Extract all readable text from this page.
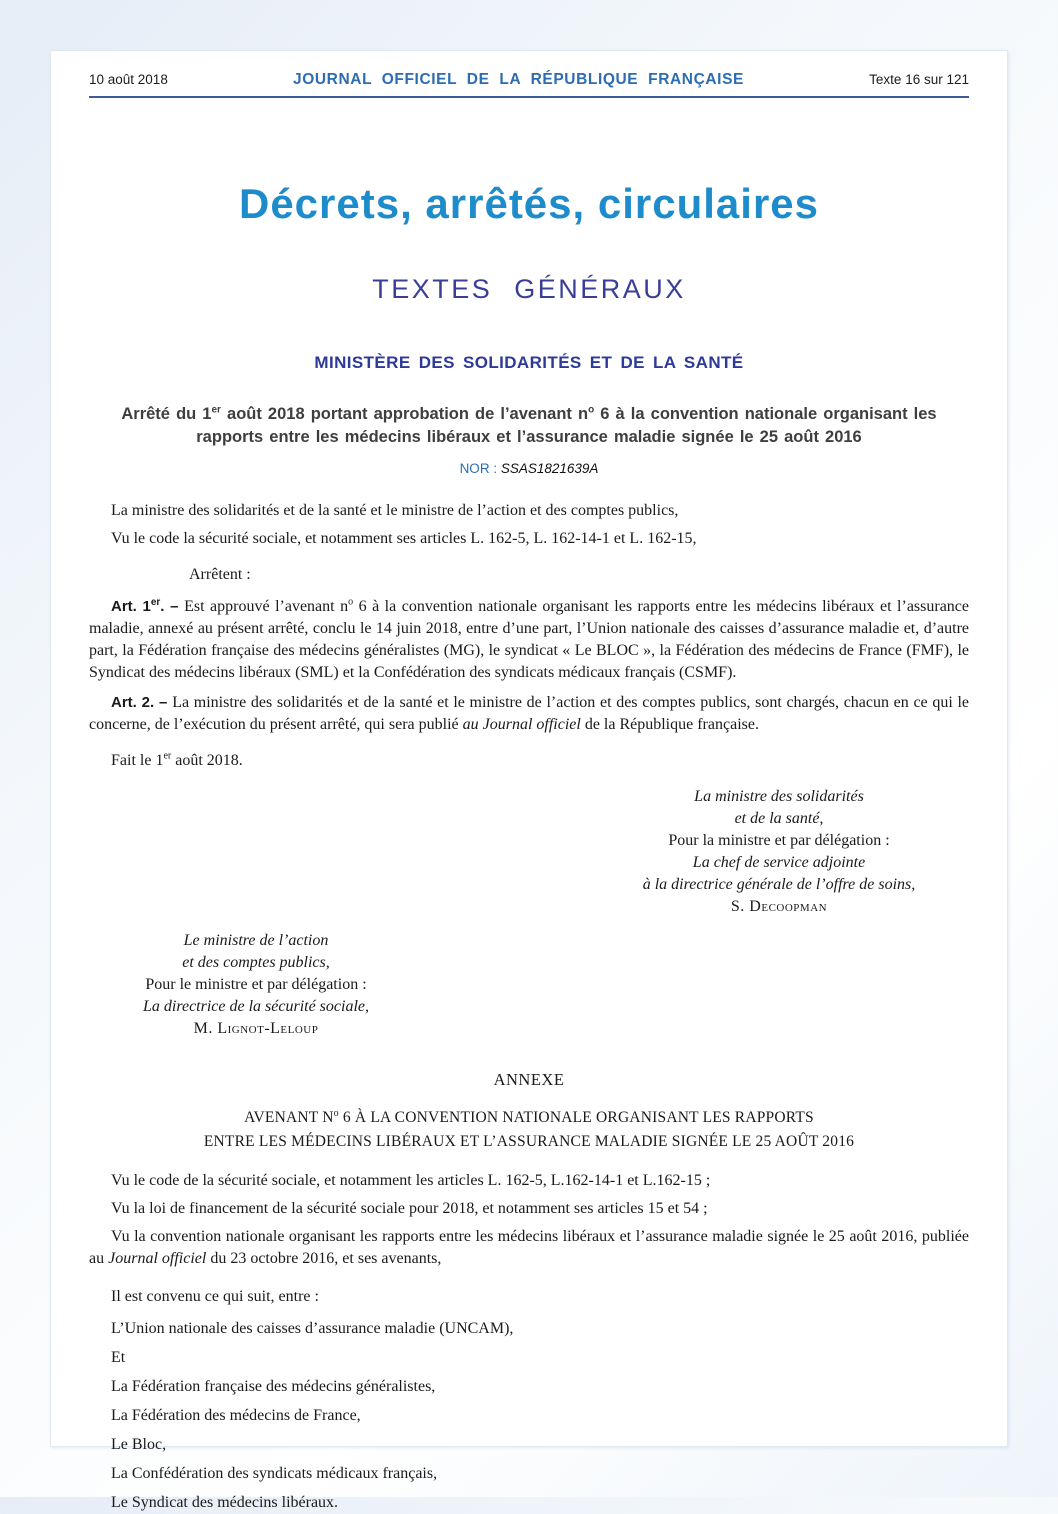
10 août 2018	JOURNAL OFFICIEL DE LA RÉPUBLIQUE FRANÇAISE	Texte 16 sur 121
Décrets, arrêtés, circulaires
TEXTES GÉNÉRAUX
MINISTÈRE DES SOLIDARITÉS ET DE LA SANTÉ
Arrêté du 1er août 2018 portant approbation de l’avenant $n^o$ 6 à la convention nationale organisant les rapports entre les médecins libéraux et l’assurance maladie signée le 25 août 2016
NOR : SSAS1821639A

La ministre des solidarités et de la santé et le ministre de l’action et des comptes publics,

Vu le code la sécurité sociale, et notamment ses articles L. 162-5, L. 162-14-1 et L. 162-15,

Arrêtent :

Art. 1er. – Est approuvé l’avenant $n^o$ 6 à la convention nationale organisant les rapports entre les médecins libéraux et l’assurance maladie, annexé au présent arrêté, conclu le 14 juin 2018, entre d’une part, l’Union nationale des caisses d’assurance maladie et, d’autre part, la Fédération française des médecins généralistes (MG), le syndicat « Le BLOC », la Fédération des médecins de France (FMF), le Syndicat des médecins libéraux (SML) et la Confédération des syndicats médicaux français (CSMF).

Art. 2. – La ministre des solidarités et de la santé et le ministre de l’action et des comptes publics, sont chargés, chacun en ce qui le concerne, de l’exécution du présent arrêté, qui sera publié au Journal officiel de la République française.

Fait le 1er août 2018.

La ministre des solidarités
et de la santé,
Pour la ministre et par délégation :
La chef de service adjointe
à la directrice générale de l’offre de soins,
S. Decoopman
Le ministre de l’action
et des comptes publics,
Pour le ministre et par délégation :
La directrice de la sécurité sociale,
M. Lignot-Leloup
ANNEXE
AVENANT $N^o$ 6 À LA CONVENTION NATIONALE ORGANISANT LES RAPPORTS
ENTRE LES MÉDECINS LIBÉRAUX ET L’ASSURANCE MALADIE SIGNÉE LE 25 AOÛT 2016

Vu le code de la sécurité sociale, et notamment les articles L. 162-5, L.162-14-1 et L.162-15 ;

Vu la loi de financement de la sécurité sociale pour 2018, et notamment ses articles 15 et 54 ;

Vu la convention nationale organisant les rapports entre les médecins libéraux et l’assurance maladie signée le 25 août 2016, publiée au Journal officiel du 23 octobre 2016, et ses avenants,

Il est convenu ce qui suit, entre :

L’Union nationale des caisses d’assurance maladie (UNCAM),

Et

La Fédération française des médecins généralistes,

La Fédération des médecins de France,

Le Bloc,

La Confédération des syndicats médicaux français,

Le Syndicat des médecins libéraux.
